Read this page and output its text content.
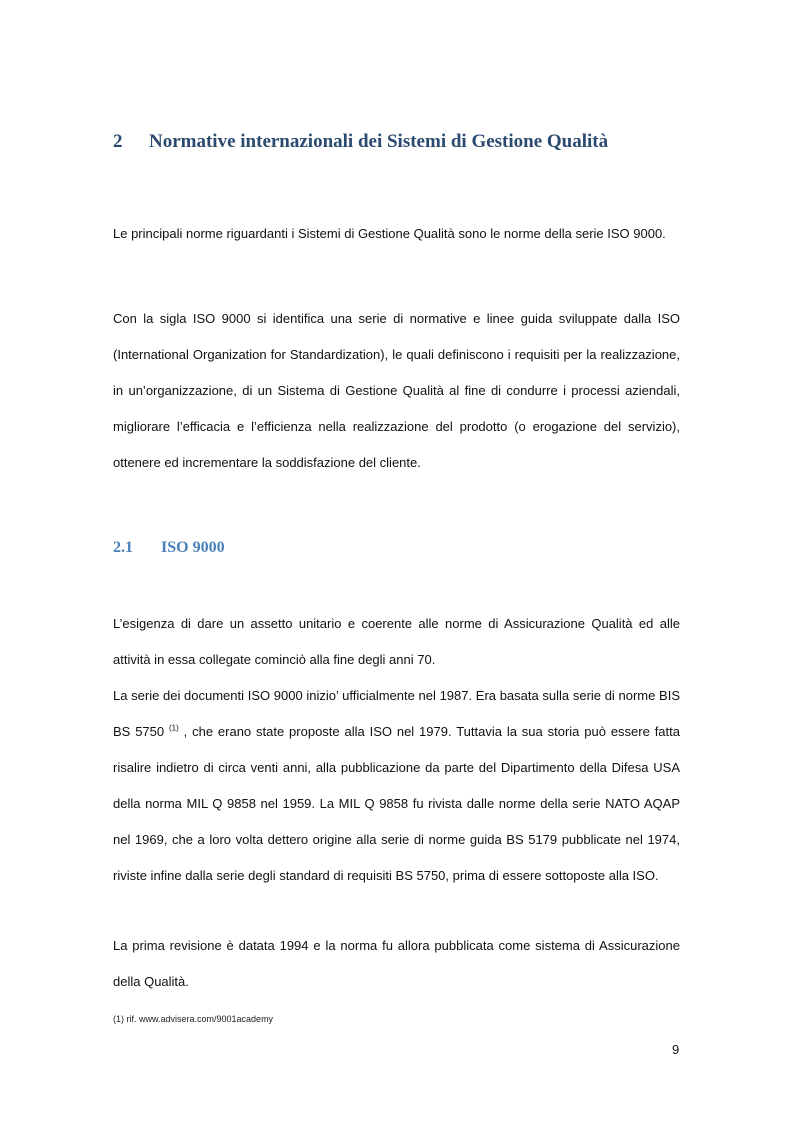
2 Normative internazionali dei Sistemi di Gestione Qualità
Le principali norme riguardanti i Sistemi di Gestione Qualità sono le norme della serie ISO 9000.
Con la sigla ISO 9000 si identifica una serie di normative e linee guida sviluppate dalla ISO (International Organization for Standardization), le quali definiscono i requisiti per la realizzazione, in un’organizzazione, di un Sistema di Gestione Qualità al fine di condurre i processi aziendali, migliorare l’efficacia e l’efficienza nella realizzazione del prodotto (o erogazione del servizio), ottenere ed incrementare la soddisfazione del cliente.
2.1 ISO 9000
L’esigenza di dare un assetto unitario e coerente alle norme di Assicurazione Qualità ed alle attività in essa collegate cominciò alla fine degli anni 70.
La serie dei documenti ISO 9000 inizio’ ufficialmente nel 1987. Era basata sulla serie di norme BIS BS 5750 $^{(1)}$ , che erano state proposte alla ISO nel 1979. Tuttavia la sua storia può essere fatta risalire indietro di circa venti anni, alla pubblicazione da parte del Dipartimento della Difesa USA della norma MIL Q 9858 nel 1959. La MIL Q 9858 fu rivista dalle norme della serie NATO AQAP nel 1969, che a loro volta dettero origine alla serie di norme guida BS 5179 pubblicate nel 1974, riviste infine dalla serie degli standard di requisiti BS 5750, prima di essere sottoposte alla ISO.
La prima revisione è datata 1994 e la norma fu allora pubblicata come sistema di Assicurazione della Qualità.
(1) rif. www.advisera.com/9001academy
9
